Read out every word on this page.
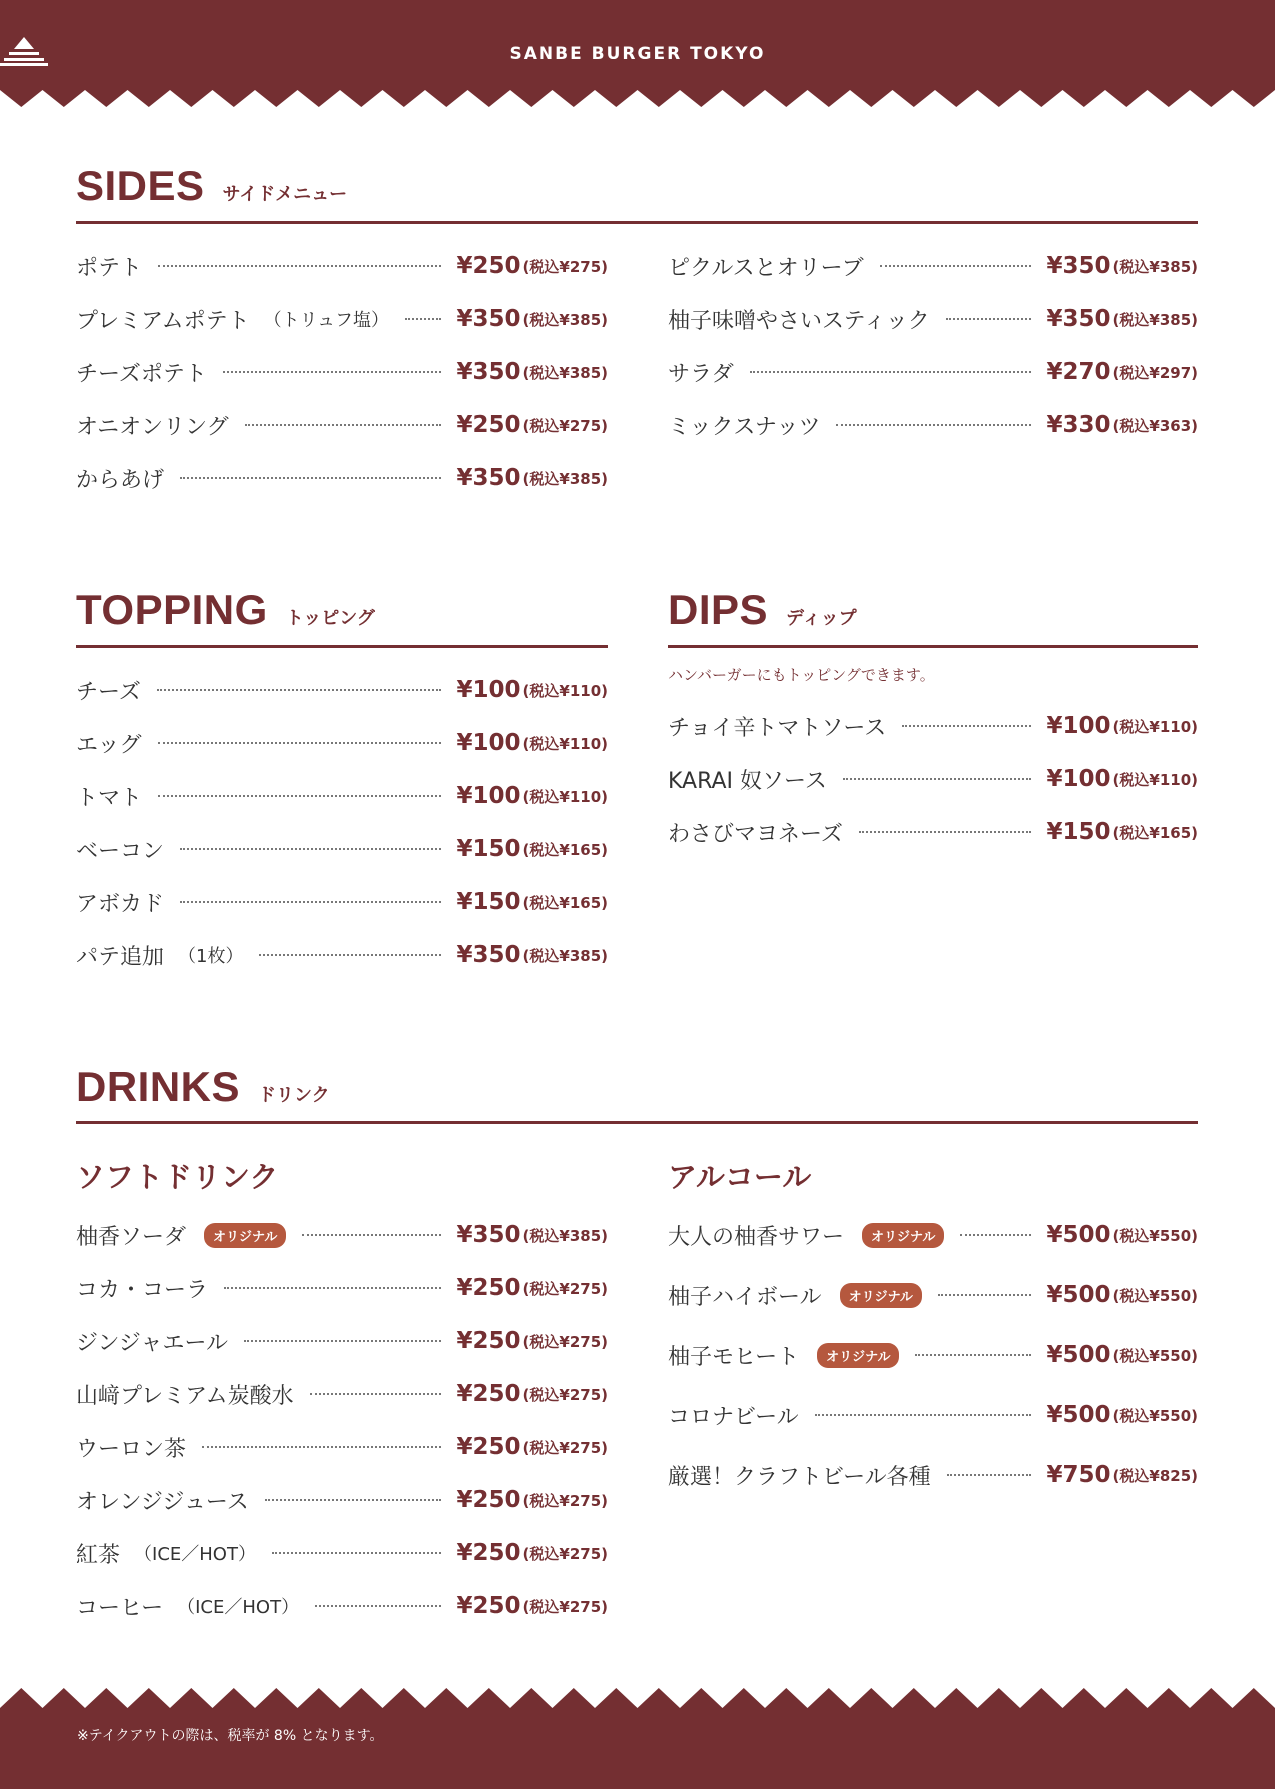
SANBE BURGER TOKYO
SIDES サイドメニュー
ポテト	¥250 (税込¥275)
プレミアムポテト （トリュフ塩）	¥350 (税込¥385)
チーズポテト	¥350 (税込¥385)
オニオンリング	¥250 (税込¥275)
からあげ	¥350 (税込¥385)
ピクルスとオリーブ	¥350 (税込¥385)
柚子味噌やさいスティック	¥350 (税込¥385)
サラダ	¥270 (税込¥297)
ミックスナッツ	¥330 (税込¥363)
TOPPING トッピング
チーズ	¥100 (税込¥110)
エッグ	¥100 (税込¥110)
トマト	¥100 (税込¥110)
ベーコン	¥150 (税込¥165)
アボカド	¥150 (税込¥165)
パテ追加 （1枚）	¥350 (税込¥385)
DIPS ディップ
ハンバーガーにもトッピングできます。
チョイ辛トマトソース	¥100 (税込¥110)
KARAI 奴ソース	¥100 (税込¥110)
わさびマヨネーズ	¥150 (税込¥165)
DRINKS ドリンク
ソフトドリンク	アルコール
柚香ソーダ	オリジナル	¥350 (税込¥385)
コカ・コーラ	¥250 (税込¥275)
ジンジャエール	¥250 (税込¥275)
山﨑プレミアム炭酸水	¥250 (税込¥275)
ウーロン茶	¥250 (税込¥275)
オレンジジュース	¥250 (税込¥275)
紅茶 （ICE／HOT）	¥250 (税込¥275)
コーヒー （ICE／HOT）	¥250 (税込¥275)
大人の柚香サワー	オリジナル	¥500 (税込¥550)
柚子ハイボール	オリジナル	¥500 (税込¥550)
柚子モヒート	オリジナル	¥500 (税込¥550)
コロナビール	¥500 (税込¥550)
厳選！クラフトビール各種	¥750 (税込¥825)
※テイクアウトの際は、税率が 8% となります。
